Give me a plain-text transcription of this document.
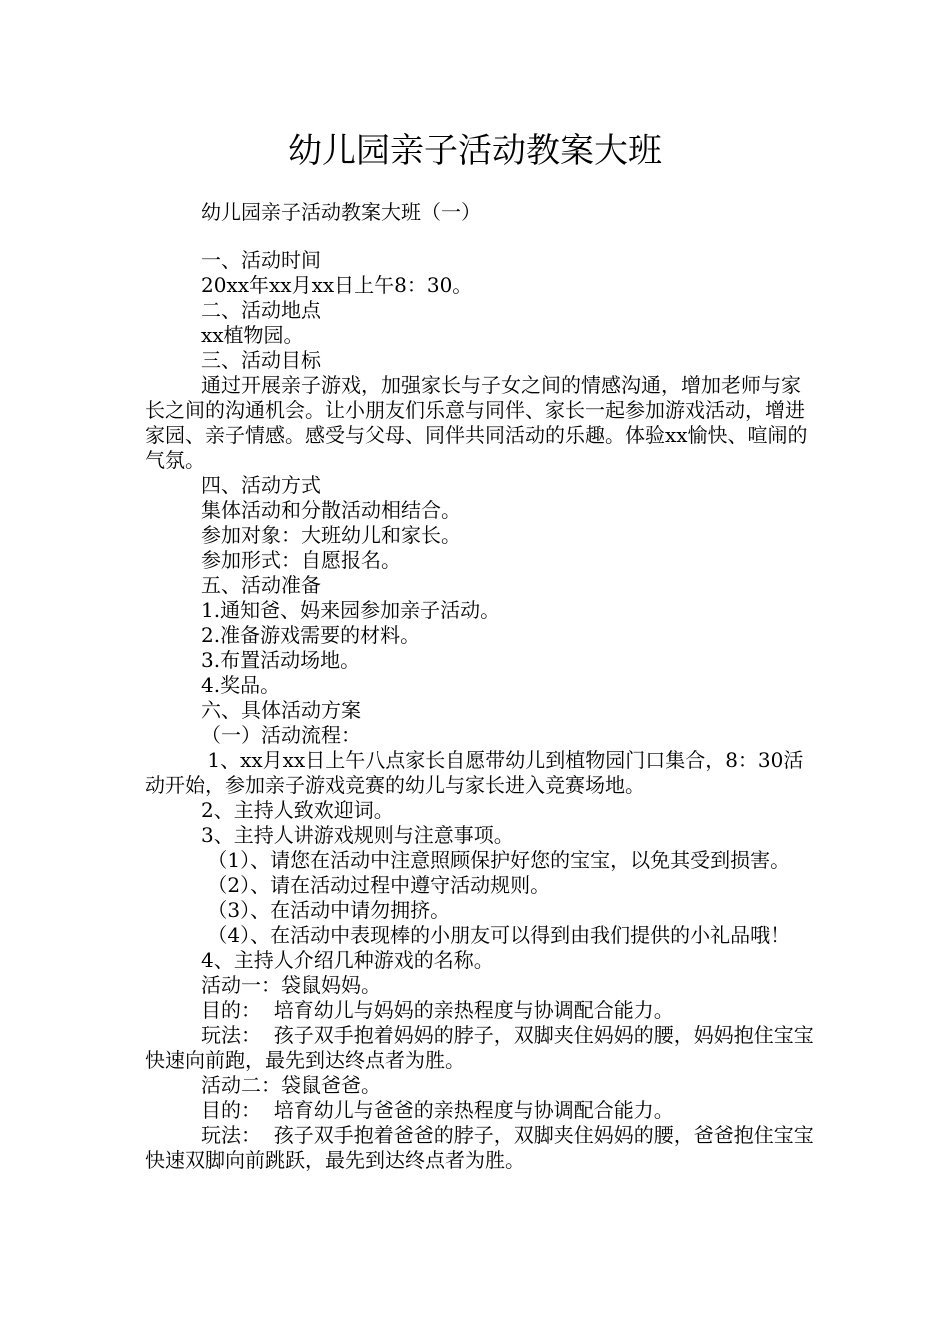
幼儿园亲子活动教案大班
幼儿园亲子活动教案大班（一）

一、活动时间

20xx年xx月xx日上午8：30。

二、活动地点

xx植物园。

三、活动目标

通过开展亲子游戏，加强家长与子女之间的情感沟通，增加老师与家长之间的沟通机会。让小朋友们乐意与同伴、家长一起参加游戏活动，增进家园、亲子情感。感受与父母、同伴共同活动的乐趣。体验xx愉快、喧闹的气氛。

四、活动方式

集体活动和分散活动相结合。

参加对象：大班幼儿和家长。

参加形式：自愿报名。

五、活动准备

1.通知爸、妈来园参加亲子活动。

2.准备游戏需要的材料。

3.布置活动场地。

4.奖品。

六、具体活动方案

（一）活动流程：

1、xx月xx日上午八点家长自愿带幼儿到植物园门口集合，8：30活动开始，参加亲子游戏竞赛的幼儿与家长进入竞赛场地。

2、主持人致欢迎词。

3、主持人讲游戏规则与注意事项。

（1）、请您在活动中注意照顾保护好您的宝宝，以免其受到损害。

（2）、请在活动过程中遵守活动规则。

（3）、在活动中请勿拥挤。

（4）、在活动中表现棒的小朋友可以得到由我们提供的小礼品哦！

4、主持人介绍几种游戏的名称。

活动一：袋鼠妈妈。

目的：  培育幼儿与妈妈的亲热程度与协调配合能力。

玩法：  孩子双手抱着妈妈的脖子，双脚夹住妈妈的腰，妈妈抱住宝宝快速向前跑，最先到达终点者为胜。

活动二：袋鼠爸爸。

目的：  培育幼儿与爸爸的亲热程度与协调配合能力。

玩法：  孩子双手抱着爸爸的脖子，双脚夹住妈妈的腰，爸爸抱住宝宝快速双脚向前跳跃，最先到达终点者为胜。
